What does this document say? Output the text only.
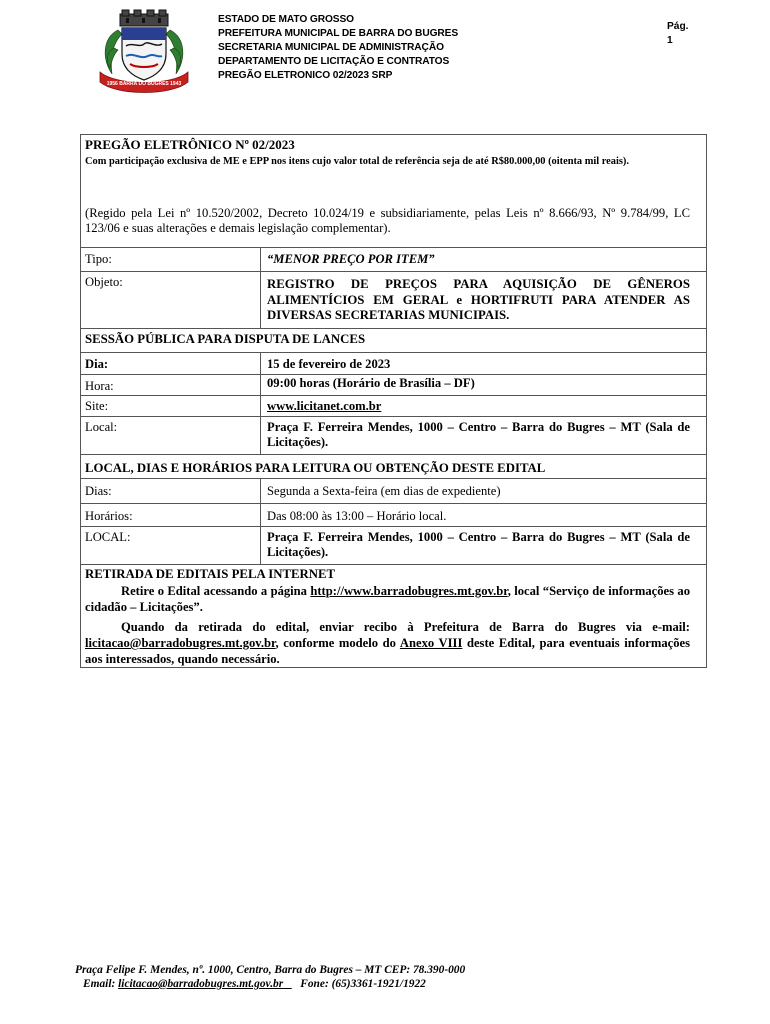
1956 BARRA DO BUGRES 1943
ESTADO DE MATO GROSSO
PREFEITURA MUNICIPAL DE BARRA DO BUGRES
SECRETARIA MUNICIPAL DE ADMINISTRAÇÃO
DEPARTAMENTO DE LICITAÇÃO E CONTRATOS
PREGÃO ELETRONICO 02/2023 SRP
Pág.
1
PREGÃO ELETRÔNICO Nº 02/2023
Com participação exclusiva de ME e EPP nos itens cujo valor total de referência seja de até R$80.000,00 (oitenta mil reais).
(Regido pela Lei nº 10.520/2002, Decreto 10.024/19 e subsidiariamente, pelas Leis nº 8.666/93, Nº 9.784/99, LC 123/06 e suas alterações e demais legislação complementar).
Tipo:	“MENOR PREÇO POR ITEM”
Objeto:	REGISTRO DE PREÇOS PARA AQUISIÇÃO DE GÊNEROS ALIMENTÍCIOS EM GERAL e HORTIFRUTI PARA ATENDER AS DIVERSAS SECRETARIAS MUNICIPAIS.
SESSÃO PÚBLICA PARA DISPUTA DE LANCES
Dia:	15 de fevereiro de 2023
Hora:	09:00 horas (Horário de Brasília – DF)
Site:	www.licitanet.com.br
Local:	Praça F. Ferreira Mendes, 1000 – Centro – Barra do Bugres – MT (Sala de Licitações).
LOCAL, DIAS E HORÁRIOS PARA LEITURA OU OBTENÇÃO DESTE EDITAL
Dias:	Segunda a Sexta-feira (em dias de expediente)
Horários:	Das 08:00 às 13:00 – Horário local.
LOCAL:	Praça F. Ferreira Mendes, 1000 – Centro – Barra do Bugres – MT (Sala de Licitações).
RETIRADA DE EDITAIS PELA INTERNET
Retire o Edital acessando a página http://www.barradobugres.mt.gov.br, local “Serviço de informações ao cidadão – Licitações”.
Quando da retirada do edital, enviar recibo à Prefeitura de Barra do Bugres via e-mail: licitacao@barradobugres.mt.gov.br, conforme modelo do Anexo VIII deste Edital, para eventuais informações aos interessados, quando necessário.
Praça Felipe F. Mendes, nº. 1000, Centro, Barra do Bugres – MT CEP: 78.390-000
Email: licitacao@barradobugres.mt.gov.br      Fone: (65)3361-1921/1922
